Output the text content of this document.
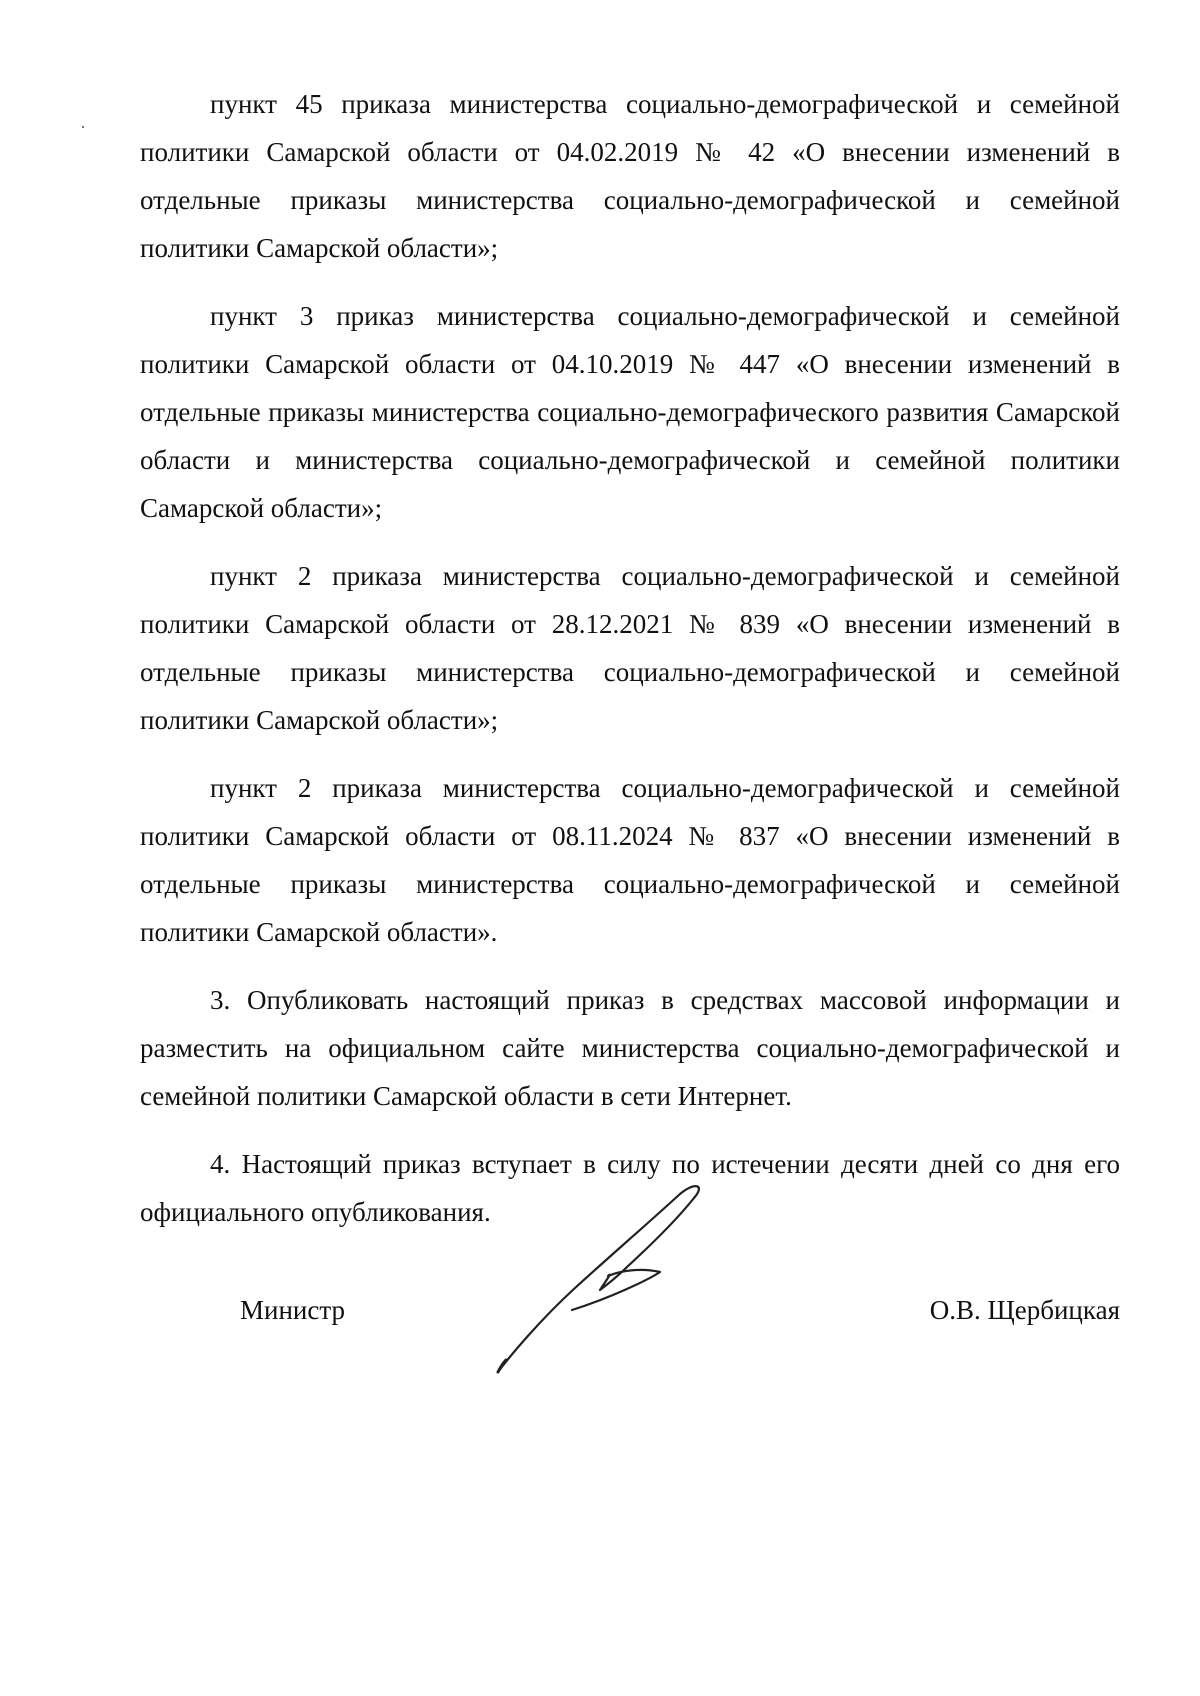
пункт 45 приказа министерства социально-демографической и семейной политики Самарской области от 04.02.2019 № 42 «О внесении изменений в отдельные приказы министерства социально-демографической и семейной политики Самарской области»;

пункт 3 приказ министерства социально-демографической и семейной политики Самарской области от 04.10.2019 № 447 «О внесении изменений в отдельные приказы министерства социально-демографического развития Самарской области и министерства социально-демографической и семейной политики Самарской области»;

пункт 2 приказа министерства социально-демографической и семейной политики Самарской области от 28.12.2021 № 839 «О внесении изменений в отдельные приказы министерства социально-демографической и семейной политики Самарской области»;

пункт 2 приказа министерства социально-демографической и семейной политики Самарской области от 08.11.2024 № 837 «О внесении изменений в отдельные приказы министерства социально-демографической и семейной политики Самарской области».

3. Опубликовать настоящий приказ в средствах массовой информации и разместить на официальном сайте министерства социально-демографической и семейной политики Самарской области в сети Интернет.

4. Настоящий приказ вступает в силу по истечении десяти дней со дня его официального опубликования.

Министр	О.В. Щербицкая
